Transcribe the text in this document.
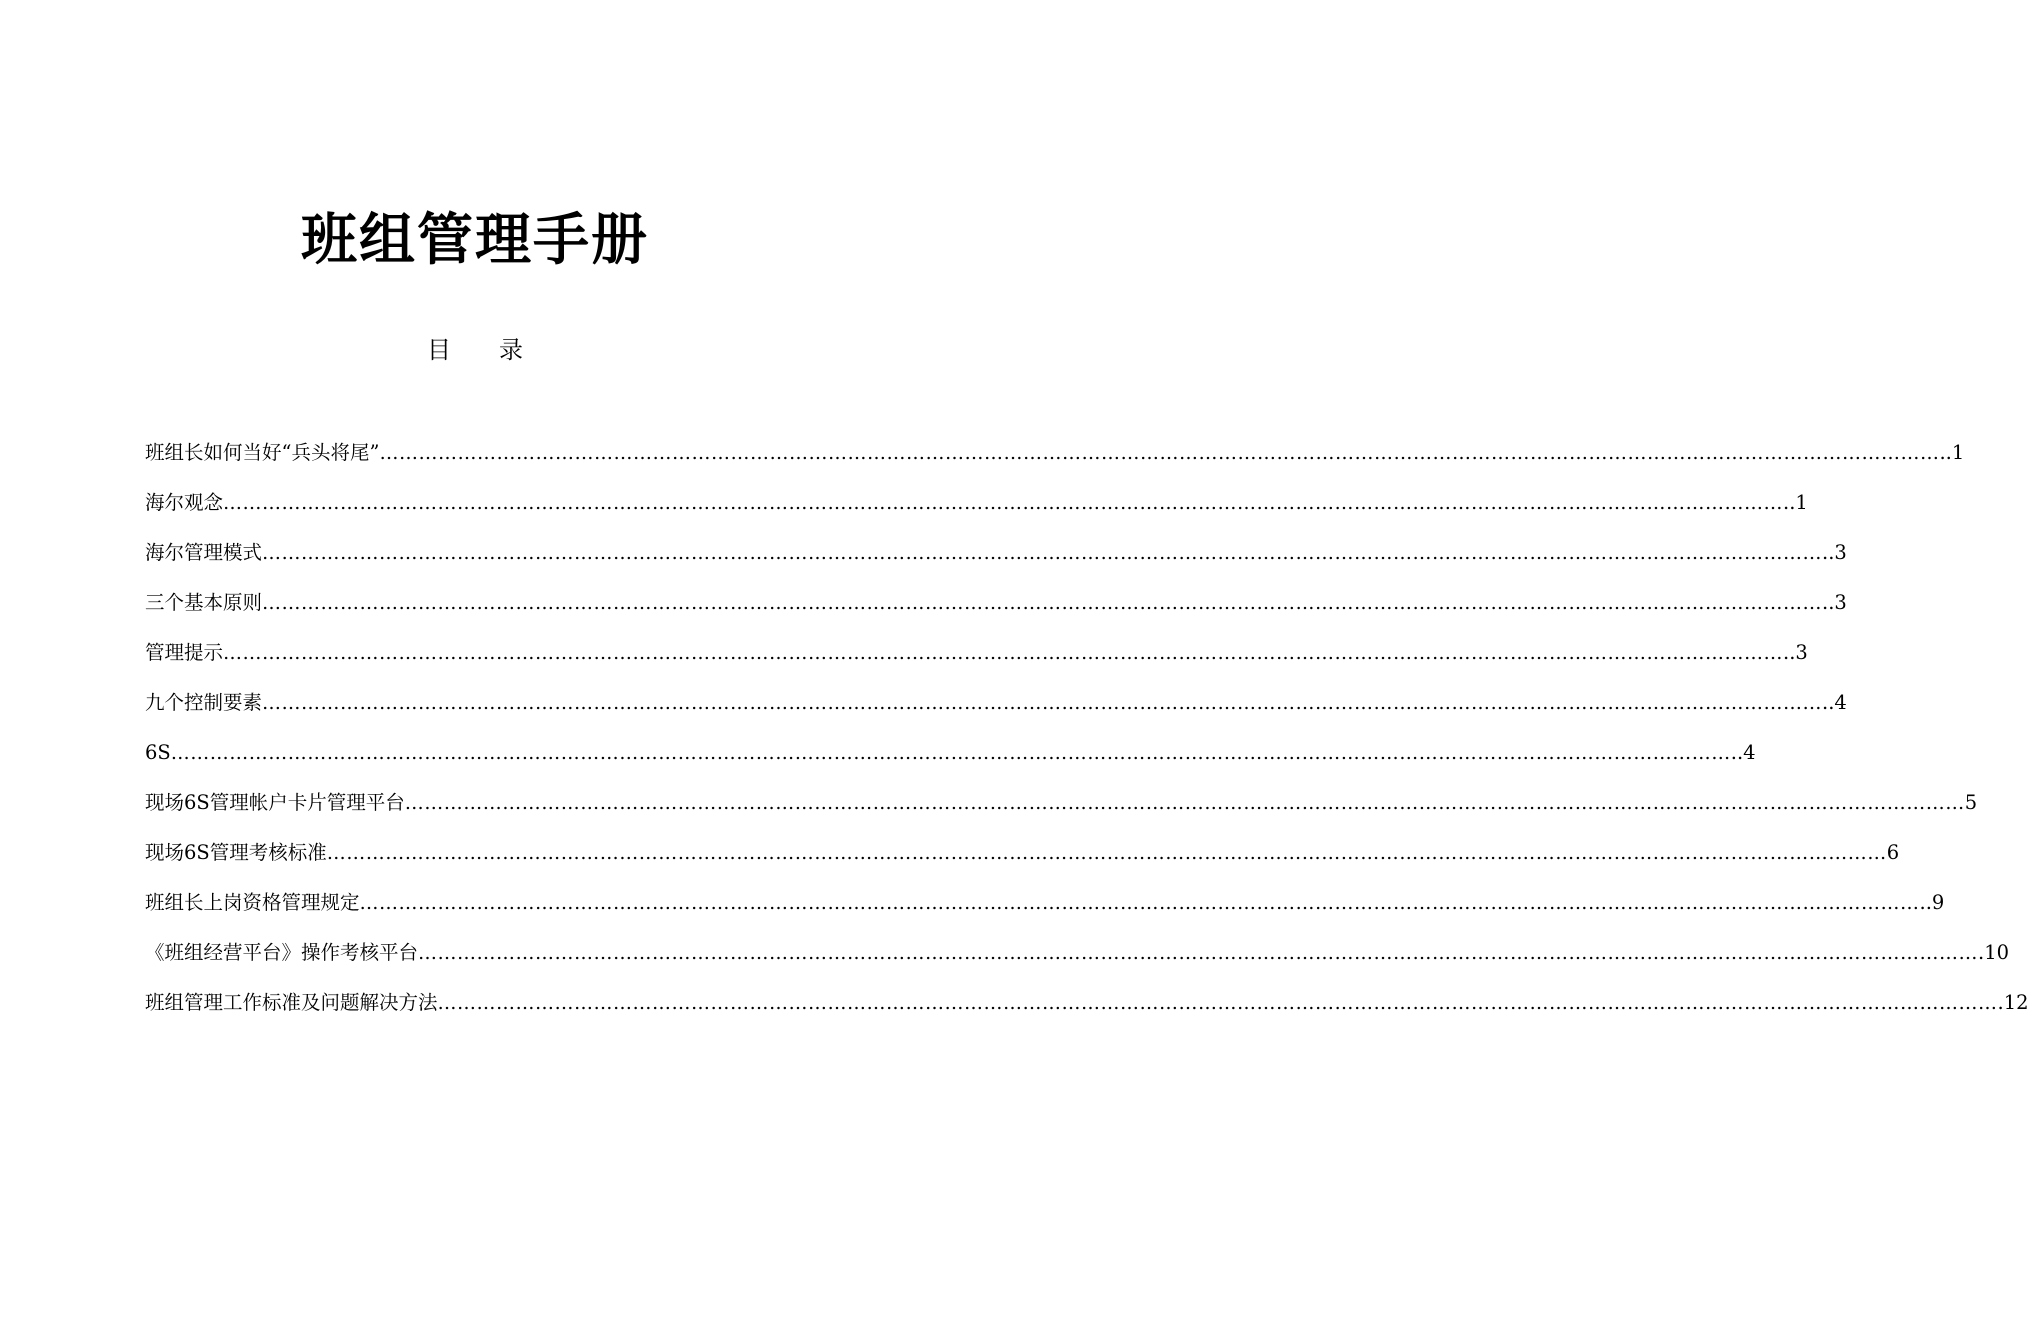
班组管理手册
目 录
班组长如何当好“兵头将尾” …………………………………………………………………………………………………………………………………………………………………………………………………………………… ..1
海尔观念 …………………………………………………………………………………………………………………………………………………………………………………………………………………… ..1
海尔管理模式 …………………………………………………………………………………………………………………………………………………………………………………………………………………… ..3
三个基本原则 …………………………………………………………………………………………………………………………………………………………………………………………………………………… ..3
管理提示 …………………………………………………………………………………………………………………………………………………………………………………………………………………… ..3
九个控制要素 …………………………………………………………………………………………………………………………………………………………………………………………………………………… ..4
6S …………………………………………………………………………………………………………………………………………………………………………………………………………………… ..4
现场6S管理帐户卡片管理平台 …………………………………………………………………………………………………………………………………………………………………………………………………………………… 5
现场6S管理考核标准 …………………………………………………………………………………………………………………………………………………………………………………………………………………… 6
班组长上岗资格管理规定 …………………………………………………………………………………………………………………………………………………………………………………………………………………… ..9
《班组经营平台》操作考核平台 …………………………………………………………………………………………………………………………………………………………………………………………………………………… .10
班组管理工作标准及问题解决方法 …………………………………………………………………………………………………………………………………………………………………………………………………………………… .12
